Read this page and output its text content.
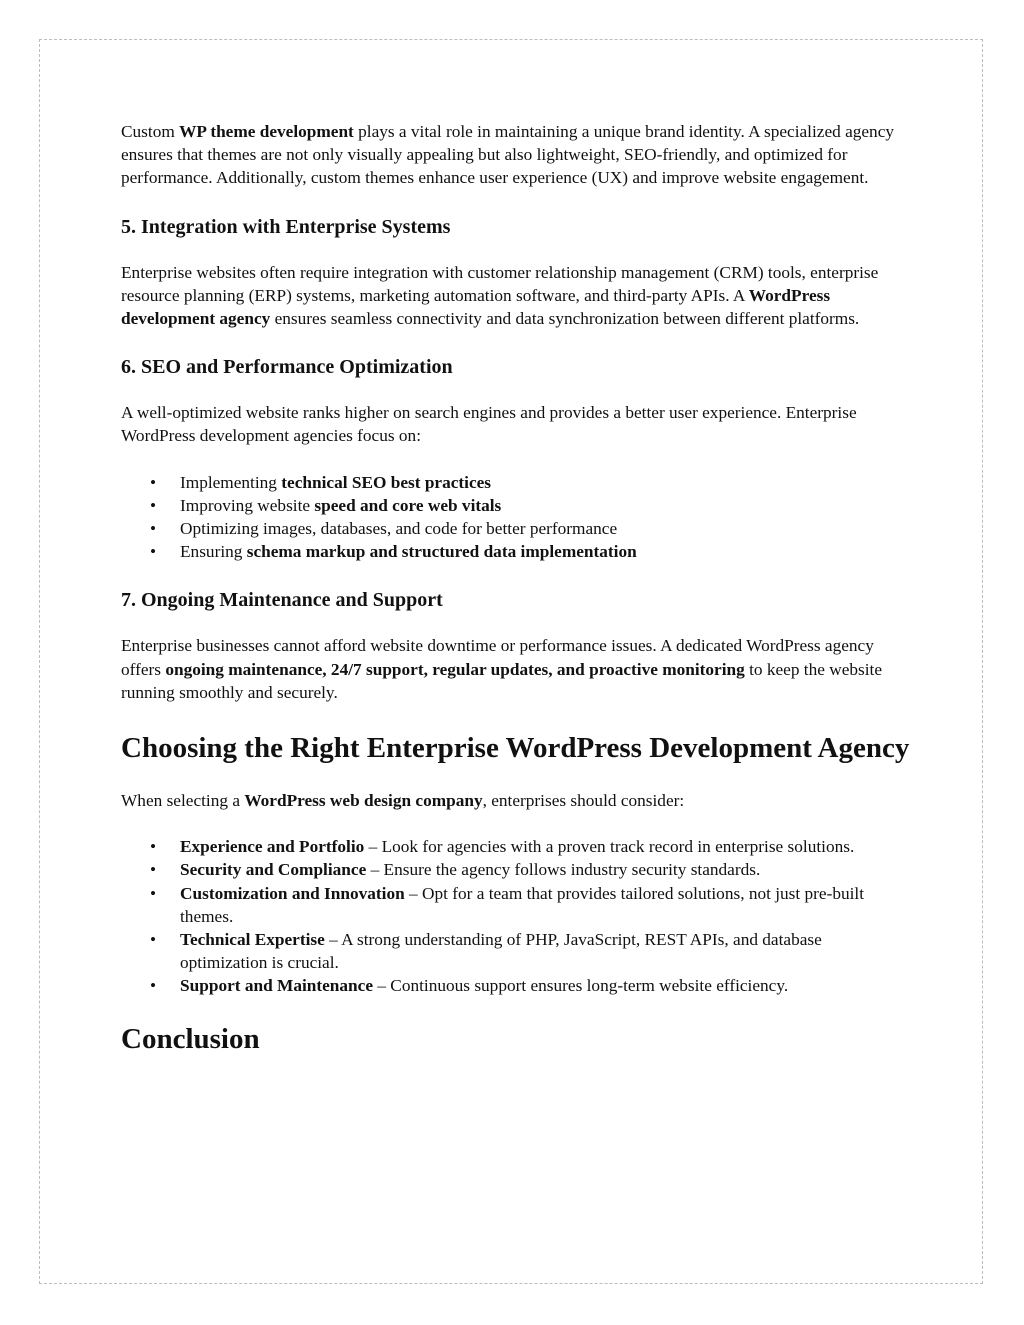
Custom WP theme development plays a vital role in maintaining a unique brand identity. A specialized agency ensures that themes are not only visually appealing but also lightweight, SEO-friendly, and optimized for performance. Additionally, custom themes enhance user experience (UX) and improve website engagement.

5. Integration with Enterprise Systems

Enterprise websites often require integration with customer relationship management (CRM) tools, enterprise resource planning (ERP) systems, marketing automation software, and third-party APIs. A WordPress development agency ensures seamless connectivity and data synchronization between different platforms.

6. SEO and Performance Optimization

A well-optimized website ranks higher on search engines and provides a better user experience. Enterprise WordPress development agencies focus on:

• Implementing technical SEO best practices
• Improving website speed and core web vitals
• Optimizing images, databases, and code for better performance
• Ensuring schema markup and structured data implementation
7. Ongoing Maintenance and Support

Enterprise businesses cannot afford website downtime or performance issues. A dedicated WordPress agency offers ongoing maintenance, 24/7 support, regular updates, and proactive monitoring to keep the website running smoothly and securely.

Choosing the Right Enterprise WordPress Development Agency

When selecting a WordPress web design company, enterprises should consider:

• Experience and Portfolio – Look for agencies with a proven track record in enterprise solutions.
• Security and Compliance – Ensure the agency follows industry security standards.
• Customization and Innovation – Opt for a team that provides tailored solutions, not just pre-built themes.
• Technical Expertise – A strong understanding of PHP, JavaScript, REST APIs, and database optimization is crucial.
• Support and Maintenance – Continuous support ensures long-term website efficiency.
Conclusion
